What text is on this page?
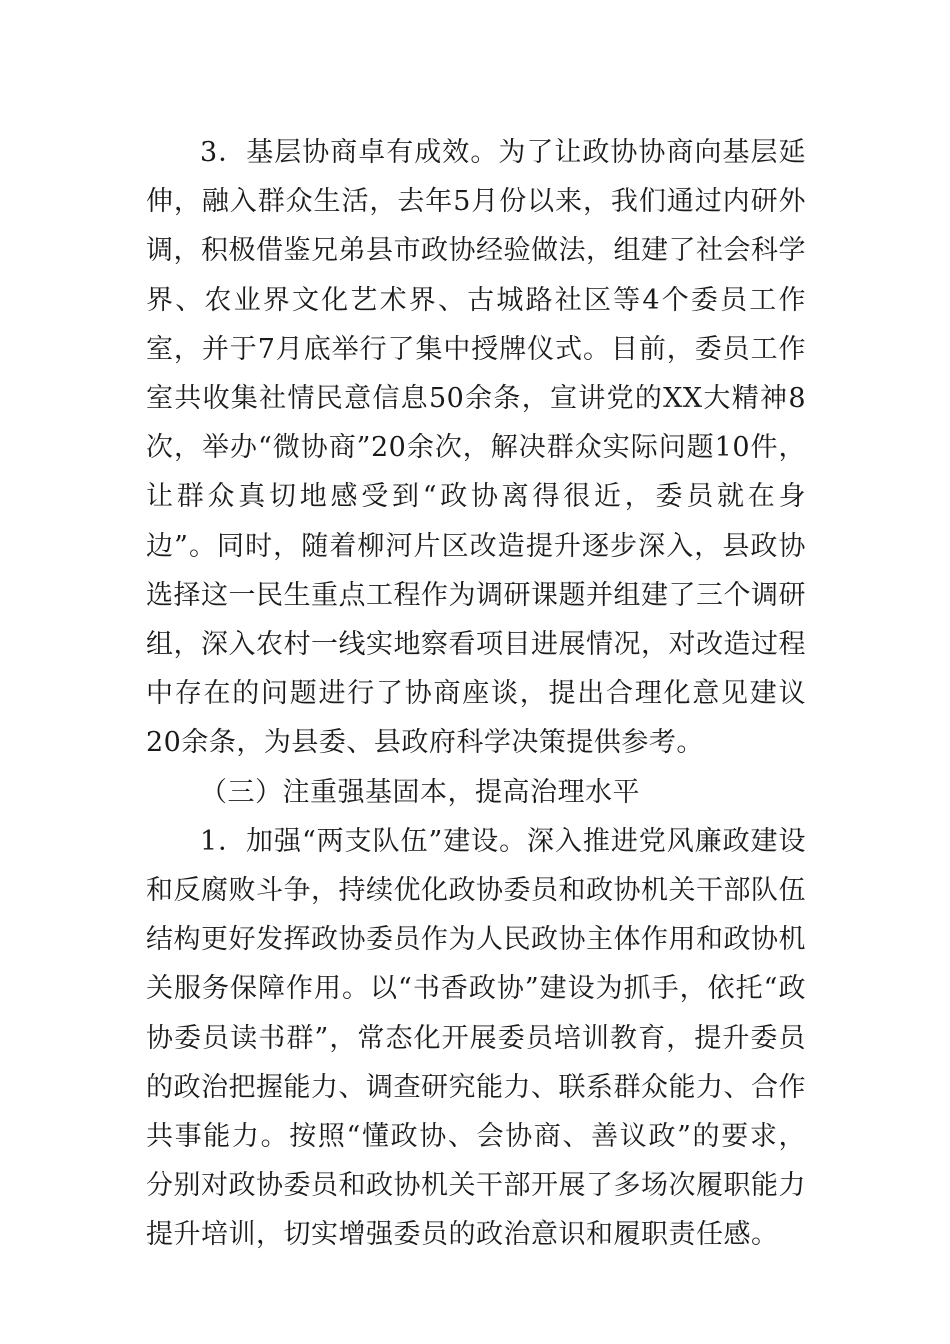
3．基层协商卓有成效。为了让政协协商向基层延伸，融入群众生活，去年5月份以来，我们通过内研外调，积极借鉴兄弟县市政协经验做法，组建了社会科学界、农业界文化艺术界、古城路社区等4个委员工作室，并于7月底举行了集中授牌仪式。目前，委员工作室共收集社情民意信息50余条，宣讲党的XX大精神8次，举办“微协商”20余次，解决群众实际问题10件，让群众真切地感受到“政协离得很近，委员就在身边”。同时，随着柳河片区改造提升逐步深入，县政协选择这一民生重点工程作为调研课题并组建了三个调研组，深入农村一线实地察看项目进展情况，对改造过程中存在的问题进行了协商座谈，提出合理化意见建议20余条，为县委、县政府科学决策提供参考。

（三）注重强基固本，提高治理水平

1．加强“两支队伍”建设。深入推进党风廉政建设和反腐败斗争，持续优化政协委员和政协机关干部队伍结构更好发挥政协委员作为人民政协主体作用和政协机关服务保障作用。以“书香政协”建设为抓手，依托“政协委员读书群”，常态化开展委员培训教育，提升委员的政治把握能力、调查研究能力、联系群众能力、合作共事能力。按照“懂政协、会协商、善议政”的要求，分别对政协委员和政协机关干部开展了多场次履职能力提升培训，切实增强委员的政治意识和履职责任感。
